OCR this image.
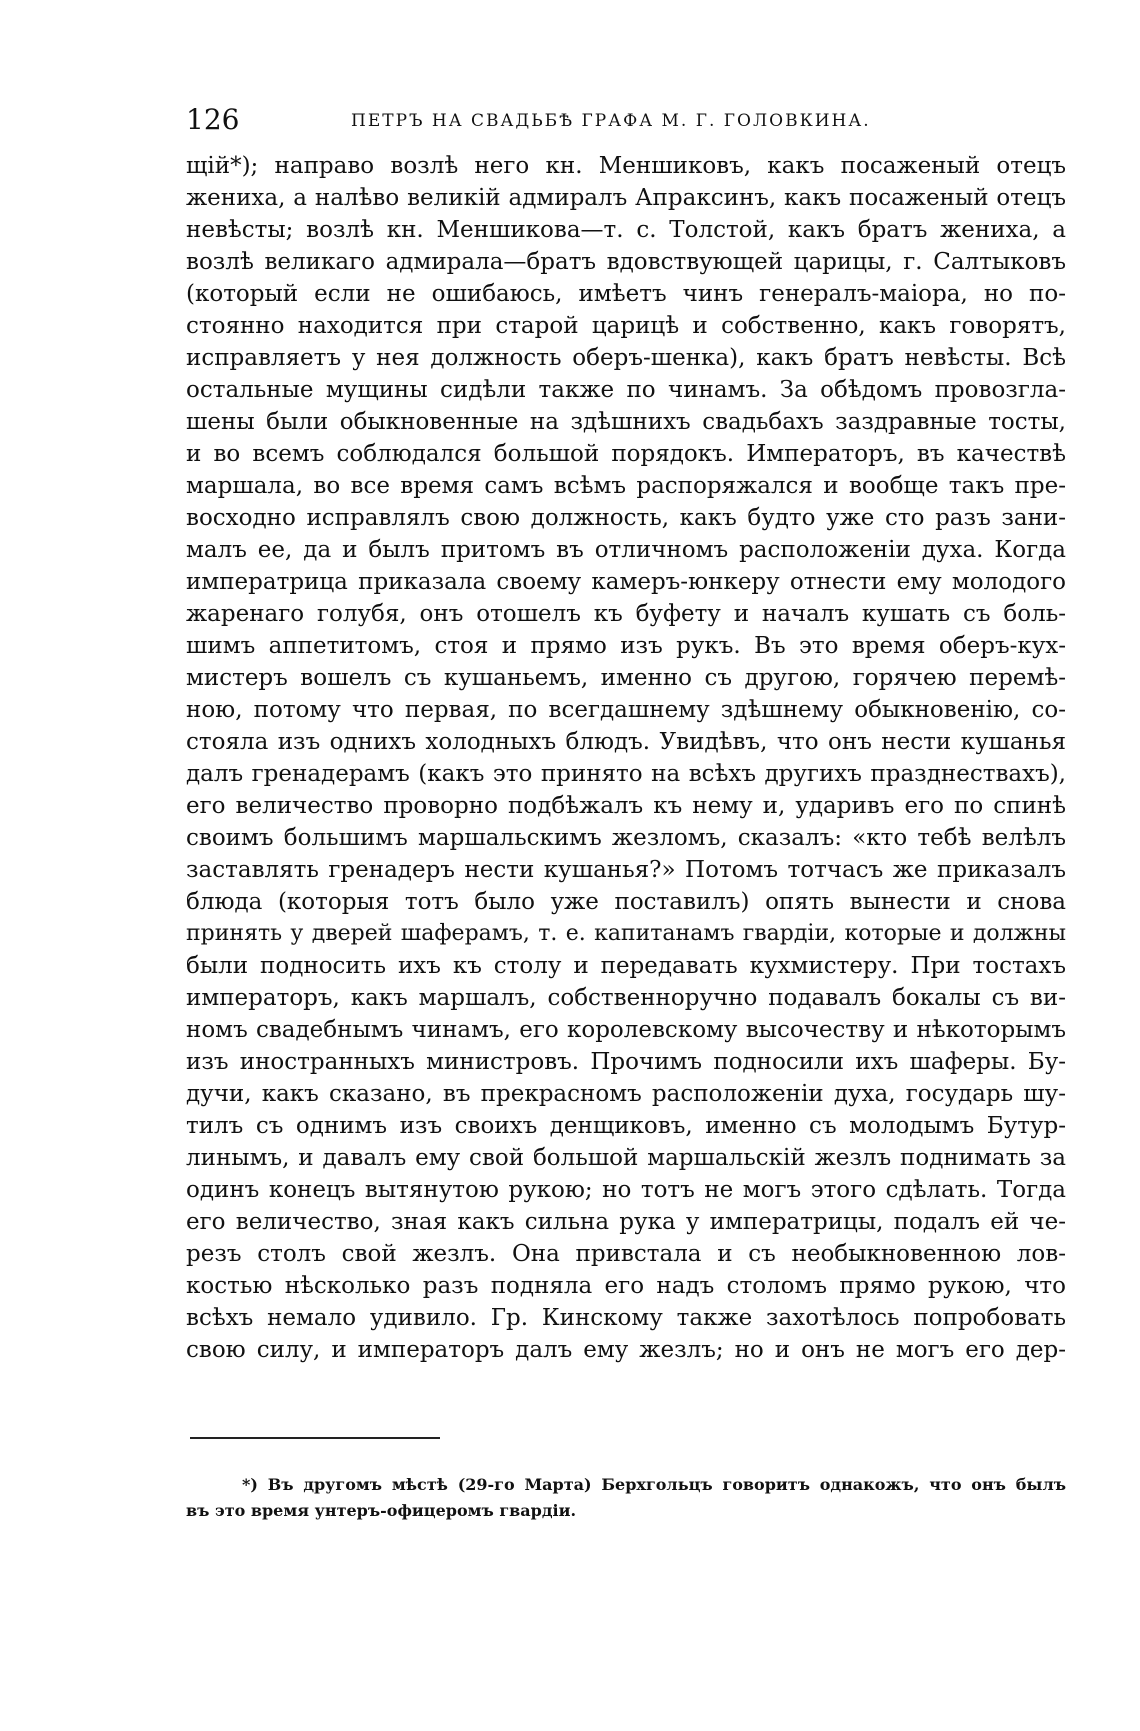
126	ПЕТРЪ НА СВАДЬБѢ ГРАФА М. Г. ГОЛОВКИНА.
щій*); направо возлѣ него кн. Меншиковъ, какъ посаженый отецъ
жениха, а налѣво великій адмиралъ Апраксинъ, какъ посаженый отецъ
невѣсты; возлѣ кн. Меншикова—т. с. Толстой, какъ братъ жениха, а
возлѣ великаго адмирала—братъ вдовствующей царицы, г. Салтыковъ
(который если не ошибаюсь, имѣетъ чинъ генералъ-маіора, но по-
стоянно находится при старой царицѣ и собственно, какъ говорятъ,
исправляетъ у нея должность оберъ-шенка), какъ братъ невѣсты. Всѣ
остальные мущины сидѣли также по чинамъ. За обѣдомъ провозгла-
шены были обыкновенные на здѣшнихъ свадьбахъ заздравные тосты,
и во всемъ соблюдался большой порядокъ. Императоръ, въ качествѣ
маршала, во все время самъ всѣмъ распоряжался и вообще такъ пре-
восходно исправлялъ свою должность, какъ будто уже сто разъ зани-
малъ ее, да и былъ притомъ въ отличномъ расположеніи духа. Когда
императрица приказала своему камеръ-юнкеру отнести ему молодого
жаренаго голубя, онъ отошелъ къ буфету и началъ кушать съ боль-
шимъ аппетитомъ, стоя и прямо изъ рукъ. Въ это время оберъ-кух-
мистеръ вошелъ съ кушаньемъ, именно съ другою, горячею перемѣ-
ною, потому что первая, по всегдашнему здѣшнему обыкновенію, со-
стояла изъ однихъ холодныхъ блюдъ. Увидѣвъ, что онъ нести кушанья
далъ гренадерамъ (какъ это принято на всѣхъ другихъ празднествахъ),
его величество проворно подбѣжалъ къ нему и, ударивъ его по спинѣ
своимъ большимъ маршальскимъ жезломъ, сказалъ: «кто тебѣ велѣлъ
заставлять гренадеръ нести кушанья?» Потомъ тотчасъ же приказалъ
блюда (которыя тотъ было уже поставилъ) опять вынести и снова
принять у дверей шаферамъ, т. е. капитанамъ гвардіи, которые и должны
были подносить ихъ къ столу и передавать кухмистеру. При тостахъ
императоръ, какъ маршалъ, собственноручно подавалъ бокалы съ ви-
номъ свадебнымъ чинамъ, его королевскому высочеству и нѣкоторымъ
изъ иностранныхъ министровъ. Прочимъ подносили ихъ шаферы. Бу-
дучи, какъ сказано, въ прекрасномъ расположеніи духа, государь шу-
тилъ съ однимъ изъ своихъ денщиковъ, именно съ молодымъ Бутур-
линымъ, и давалъ ему свой большой маршальскій жезлъ поднимать за
одинъ конецъ вытянутою рукою; но тотъ не могъ этого сдѣлать. Тогда
его величество, зная какъ сильна рука у императрицы, подалъ ей че-
резъ столъ свой жезлъ. Она привстала и съ необыкновенною лов-
костью нѣсколько разъ подняла его надъ столомъ прямо рукою, что
всѣхъ немало удивило. Гр. Кинскому также захотѣлось попробовать
свою силу, и императоръ далъ ему жезлъ; но и онъ не могъ его дер-
*) Въ другомъ мѣстѣ (29-го Марта) Берхгольцъ говоритъ однакожъ, что онъ былъ
въ это время унтеръ-офицеромъ гвардіи.
